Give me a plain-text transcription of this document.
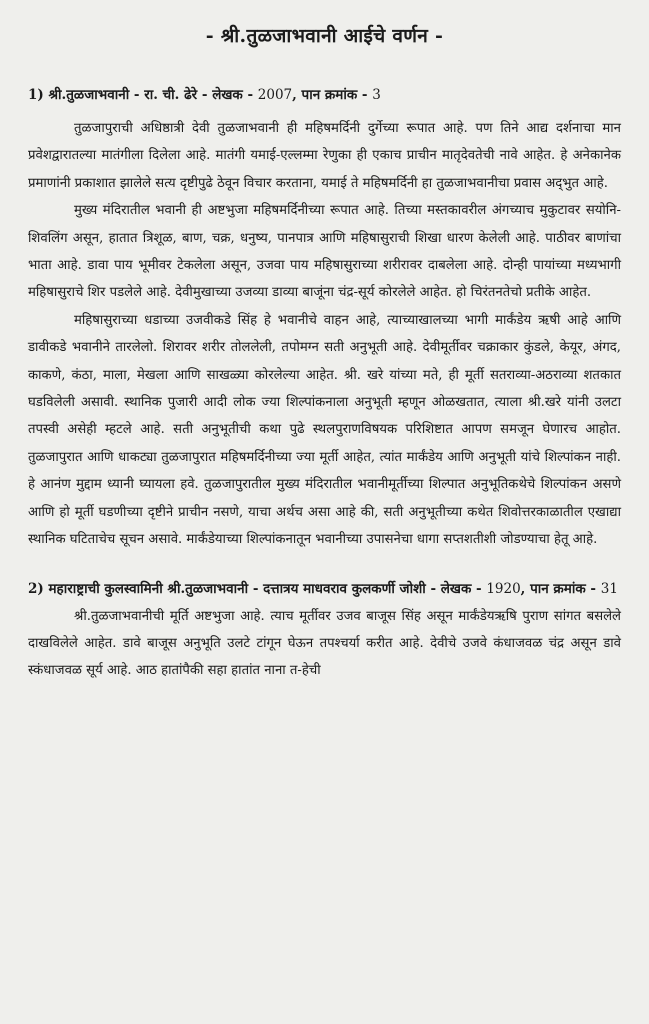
- श्री.तुळजाभवानी आईचे वर्णन -

1) श्री.तुळजाभवानी - रा. ची. ढेरे - लेखक - 2007, पान क्रमांक - 3

तुळजापुराची अधिष्ठात्री देवी तुळजाभवानी ही महिषमर्दिनी दुर्गेच्या रूपात आहे. पण तिने आद्य दर्शनाचा मान प्रवेशद्वारातल्या मातंगीला दिलेला आहे. मातंगी यमाई-एल्लम्मा रेणुका ही एकाच प्राचीन मातृदेवतेची नावे आहेत. हे अनेकानेक प्रमाणांनी प्रकाशात झालेले सत्य दृष्टीपुढे ठेवून विचार करताना, यमाई ते महिषमर्दिनी हा तुळजाभवानीचा प्रवास अद्‌भुत आहे.

मुख्य मंदिरातील भवानी ही अष्टभुजा महिषमर्दिनीच्या रूपात आहे. तिच्या मस्तकावरील अंगच्याच मुकुटावर सयोनि-शिवलिंग असून, हातात त्रिशूळ, बाण, चक्र, धनुष्य, पानपात्र आणि महिषासुराची शिखा धारण केलेली आहे. पाठीवर बाणांचा भाता आहे. डावा पाय भूमीवर टेकलेला असून, उजवा पाय महिषासुराच्या शरीरावर दाबलेला आहे. दोन्ही पायांच्या मध्यभागी महिषासुराचे शिर पडलेले आहे. देवीमुखाच्या उजव्या डाव्या बाजूंना चंद्र-सूर्य कोरलेले आहेत. हो चिरंतनतेचो प्रतीके आहेत.

महिषासुराच्या धडाच्या उजवीकडे सिंह हे भवानीचे वाहन आहे, त्याच्याखालच्या भागी मार्कंडेय ऋषी आहे आणि डावीकडे भवानीने तारलेलो. शिरावर शरीर तोललेली, तपोमग्न सती अनुभूती आहे. देवीमूर्तीवर चक्राकार कुंडले, केयूर, अंगद, काकणे, कंठा, माला, मेखला आणि साखळ्या कोरलेल्या आहेत. श्री. खरे यांच्या मते, ही मूर्ती सतराव्या-अठराव्या शतकात घडविलेली असावी. स्थानिक पुजारी आदी लोक ज्या शिल्पांकनाला अनुभूती म्हणून ओळखतात, त्याला श्री.खरे यांनी उलटा तपस्वी असेही म्हटले आहे. सती अनुभूतीची कथा पुढे स्थलपुराणविषयक परिशिष्टात आपण समजून घेणारच आहोत. तुळजापुरात आणि धाकट्या तुळजापुरात महिषमर्दिनीच्या ज्या मूर्ती आहेत, त्यांत मार्कंडेय आणि अनुभूती यांचे शिल्पांकन नाही. हे आनंण मुद्दाम ध्यानी घ्यायला हवे. तुळजापुरातील मुख्य मंदिरातील भवानीमूर्तीच्या शिल्पात अनुभूतिकथेचे शिल्पांकन असणे आणि हो मूर्ती घडणीच्या दृष्टीने प्राचीन नसणे, याचा अर्थच असा आहे की, सती अनुभूतीच्या कथेत शिवोत्तरकाळातील एखाद्या स्थानिक घटिताचेच सूचन असावे. मार्कंडेयाच्या शिल्पांकनातून भवानीच्या उपासनेचा धागा सप्तशतीशी जोडण्याचा हेतू आहे.

2) महाराष्ट्राची कुलस्वामिनी श्री.तुळजाभवानी - दत्तात्रय माधवराव कुलकर्णी जोशी - लेखक - 1920, पान क्रमांक - 31

श्री.तुळजाभवानीची मूर्ति अष्टभुजा आहे. त्याच मूर्तीवर उजव बाजूस सिंह असून मार्कंडेयऋषि पुराण सांगत बसलेले दाखविलेले आहेत. डावे बाजूस अनुभूति उलटे टांगून घेऊन तपश्चर्या करीत आहे. देवीचे उजवे कंधाजवळ चंद्र असून डावे स्कंधाजवळ सूर्य आहे. आठ हातांपैकी सहा हातांत नाना त-हेची
